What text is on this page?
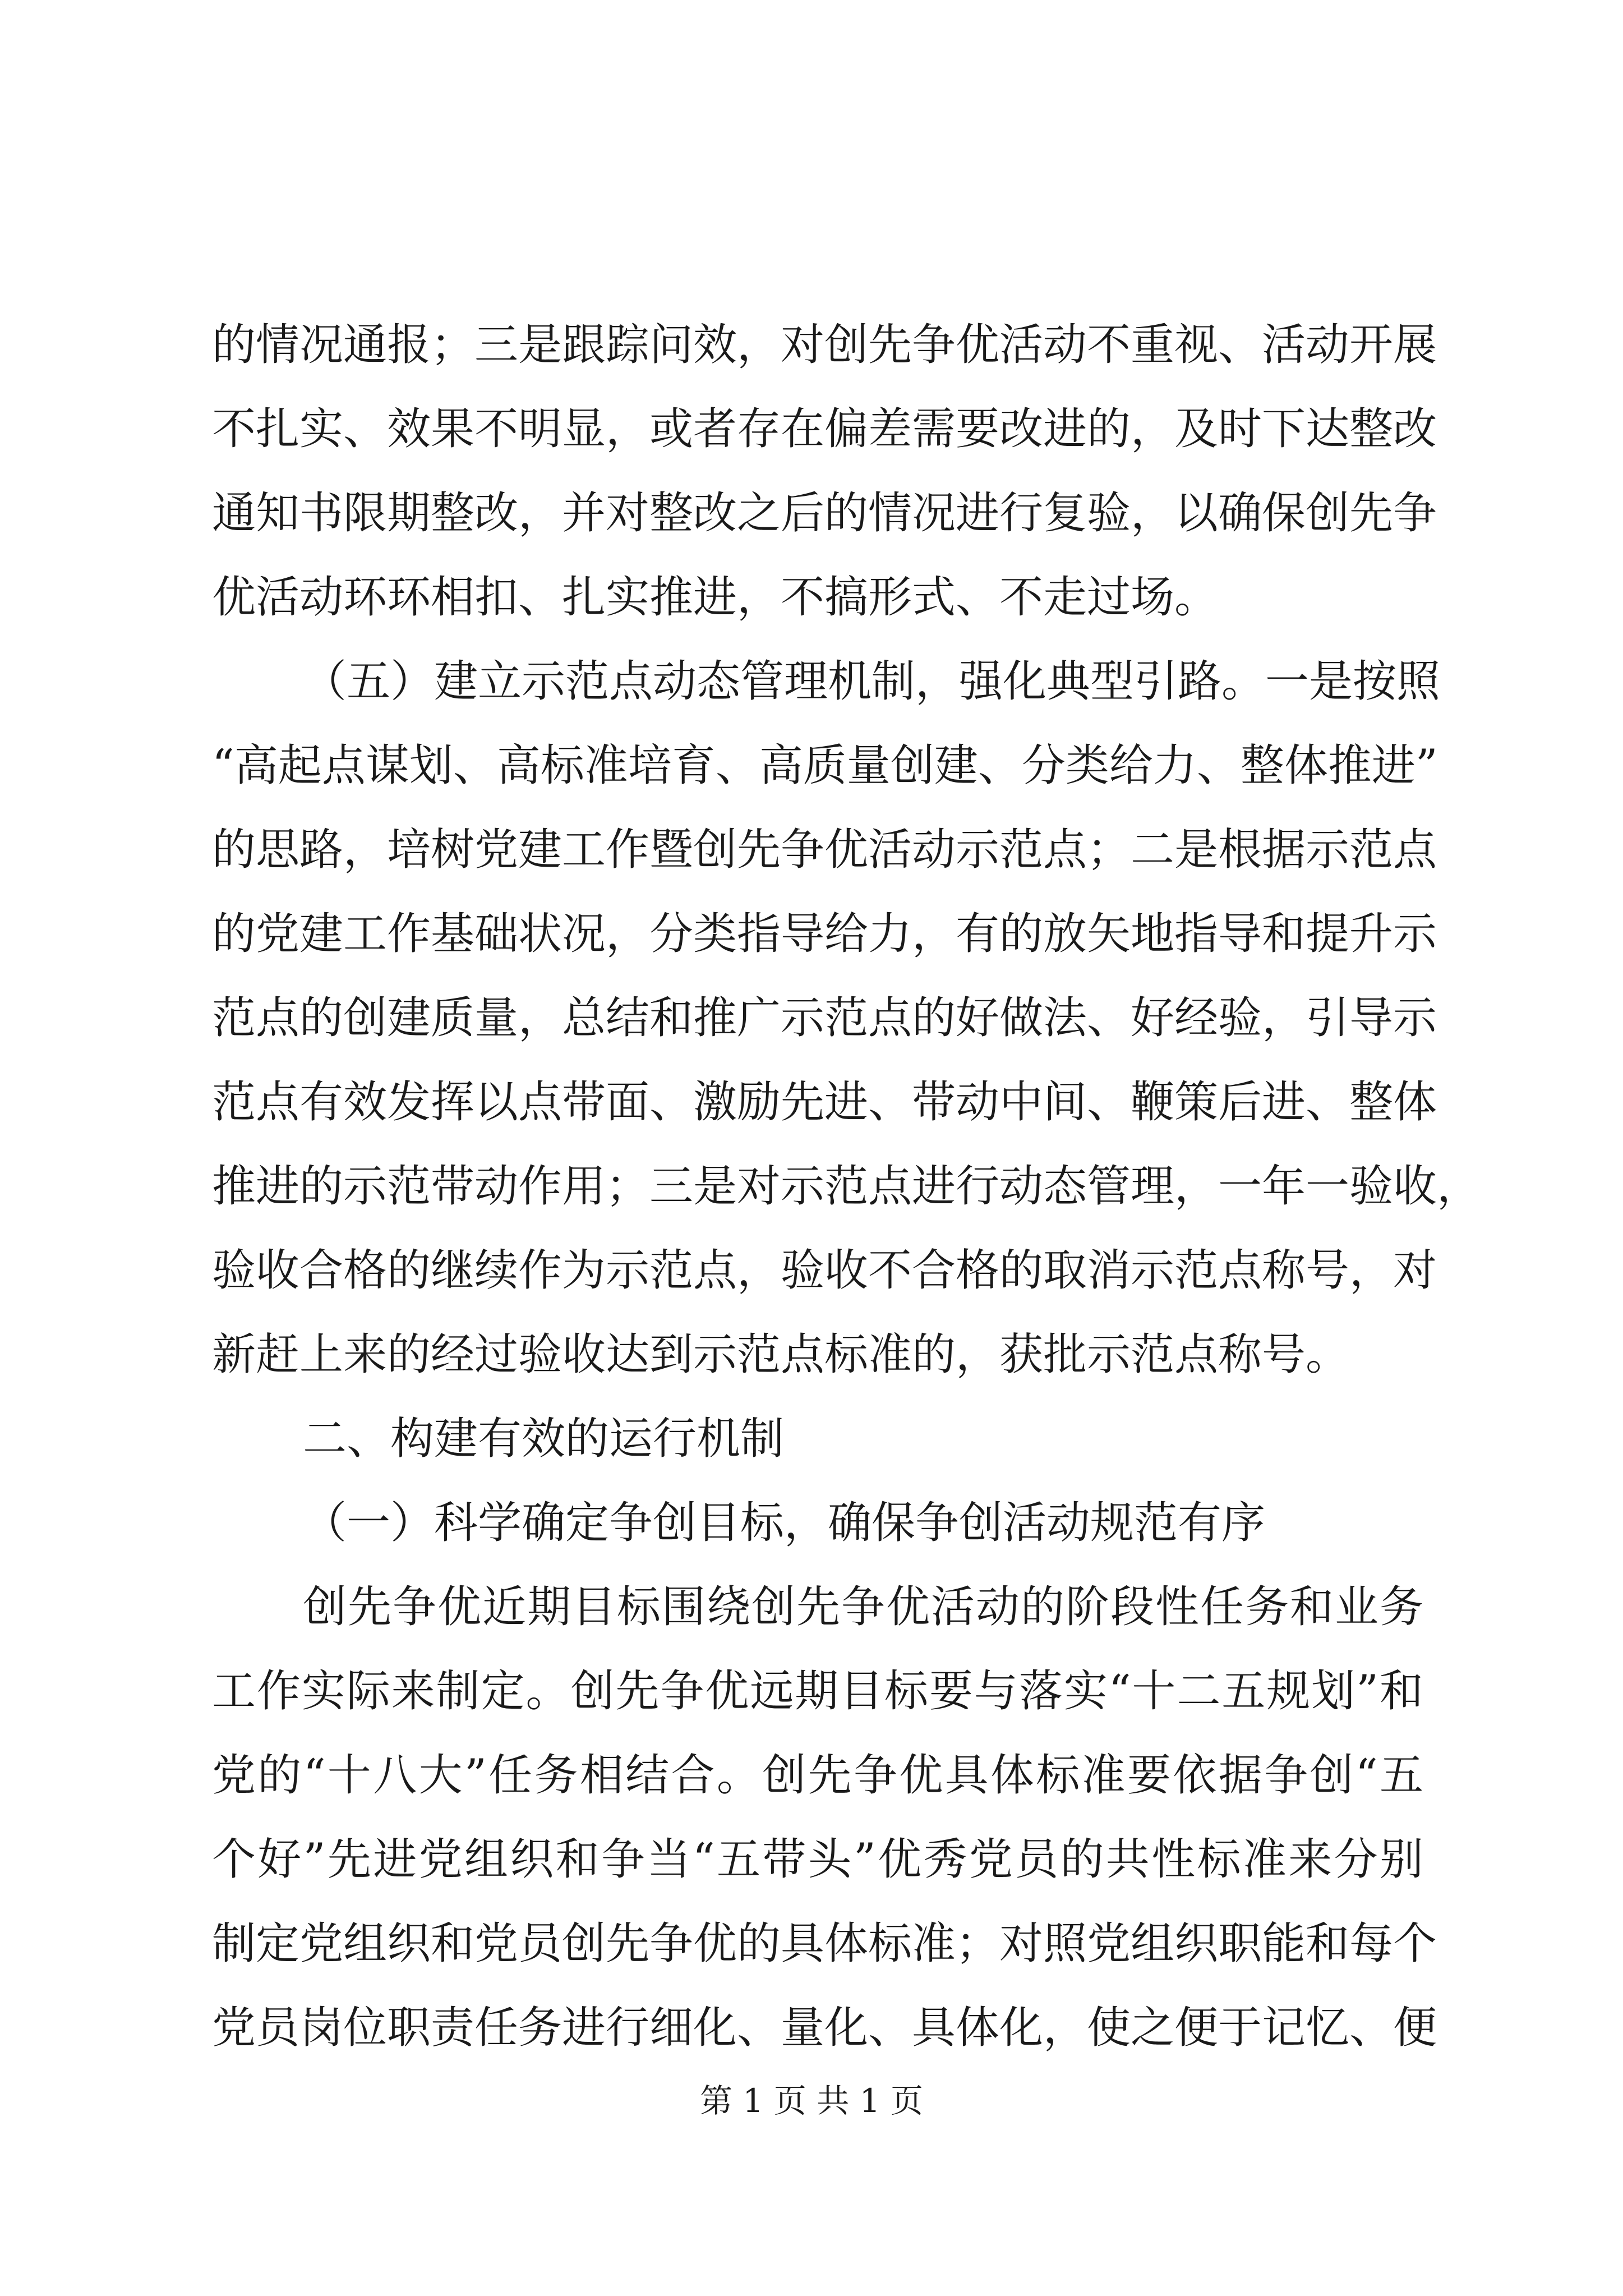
的情况通报；三是跟踪问效，对创先争优活动不重视、活动开展
不扎实、效果不明显，或者存在偏差需要改进的，及时下达整改
通知书限期整改，并对整改之后的情况进行复验，以确保创先争
优活动环环相扣、扎实推进，不搞形式、不走过场。
（五）建立示范点动态管理机制，强化典型引路。一是按照
“高起点谋划、高标准培育、高质量创建、分类给力、整体推进”
的思路，培树党建工作暨创先争优活动示范点；二是根据示范点
的党建工作基础状况，分类指导给力，有的放矢地指导和提升示
范点的创建质量，总结和推广示范点的好做法、好经验，引导示
范点有效发挥以点带面、激励先进、带动中间、鞭策后进、整体
推进的示范带动作用；三是对示范点进行动态管理，一年一验收，
验收合格的继续作为示范点，验收不合格的取消示范点称号，对
新赶上来的经过验收达到示范点标准的，获批示范点称号。
二、构建有效的运行机制
（一）科学确定争创目标，确保争创活动规范有序
创先争优近期目标围绕创先争优活动的阶段性任务和业务
工作实际来制定。创先争优远期目标要与落实“十二五规划”和
党的“十八大”任务相结合。创先争优具体标准要依据争创“五
个好”先进党组织和争当“五带头”优秀党员的共性标准来分别
制定党组织和党员创先争优的具体标准；对照党组织职能和每个
党员岗位职责任务进行细化、量化、具体化，使之便于记忆、便
第 1 页 共 1 页
